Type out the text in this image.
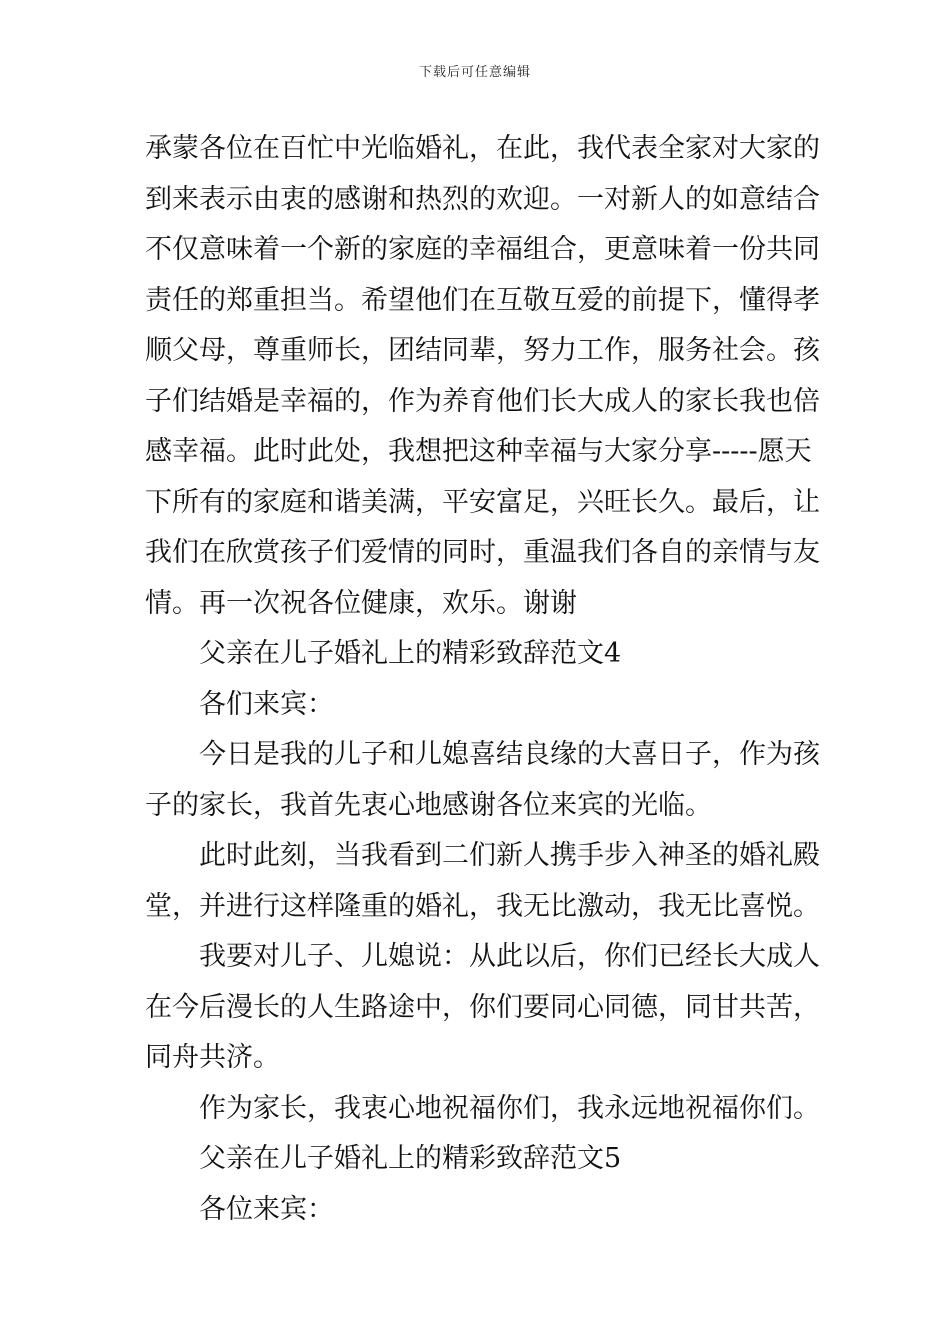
下载后可任意编辑
承蒙各位在百忙中光临婚礼，在此，我代表全家对大家的
到来表示由衷的感谢和热烈的欢迎。一对新人的如意结合
不仅意味着一个新的家庭的幸福组合，更意味着一份共同
责任的郑重担当。希望他们在互敬互爱的前提下，懂得孝
顺父母，尊重师长，团结同辈，努力工作，服务社会。孩
子们结婚是幸福的，作为养育他们长大成人的家长我也倍
感幸福。此时此处，我想把这种幸福与大家分享-----愿天
下所有的家庭和谐美满，平安富足，兴旺长久。最后，让
我们在欣赏孩子们爱情的同时，重温我们各自的亲情与友
情。再一次祝各位健康，欢乐。谢谢
父亲在儿子婚礼上的精彩致辞范文4
各们来宾：
今日是我的儿子和儿媳喜结良缘的大喜日子，作为孩
子的家长，我首先衷心地感谢各位来宾的光临。
此时此刻，当我看到二们新人携手步入神圣的婚礼殿
堂，并进行这样隆重的婚礼，我无比激动，我无比喜悦。
我要对儿子、儿媳说：从此以后，你们已经长大成人
在今后漫长的人生路途中，你们要同心同德，同甘共苦，
同舟共济。
作为家长，我衷心地祝福你们，我永远地祝福你们。
父亲在儿子婚礼上的精彩致辞范文5
各位来宾：
